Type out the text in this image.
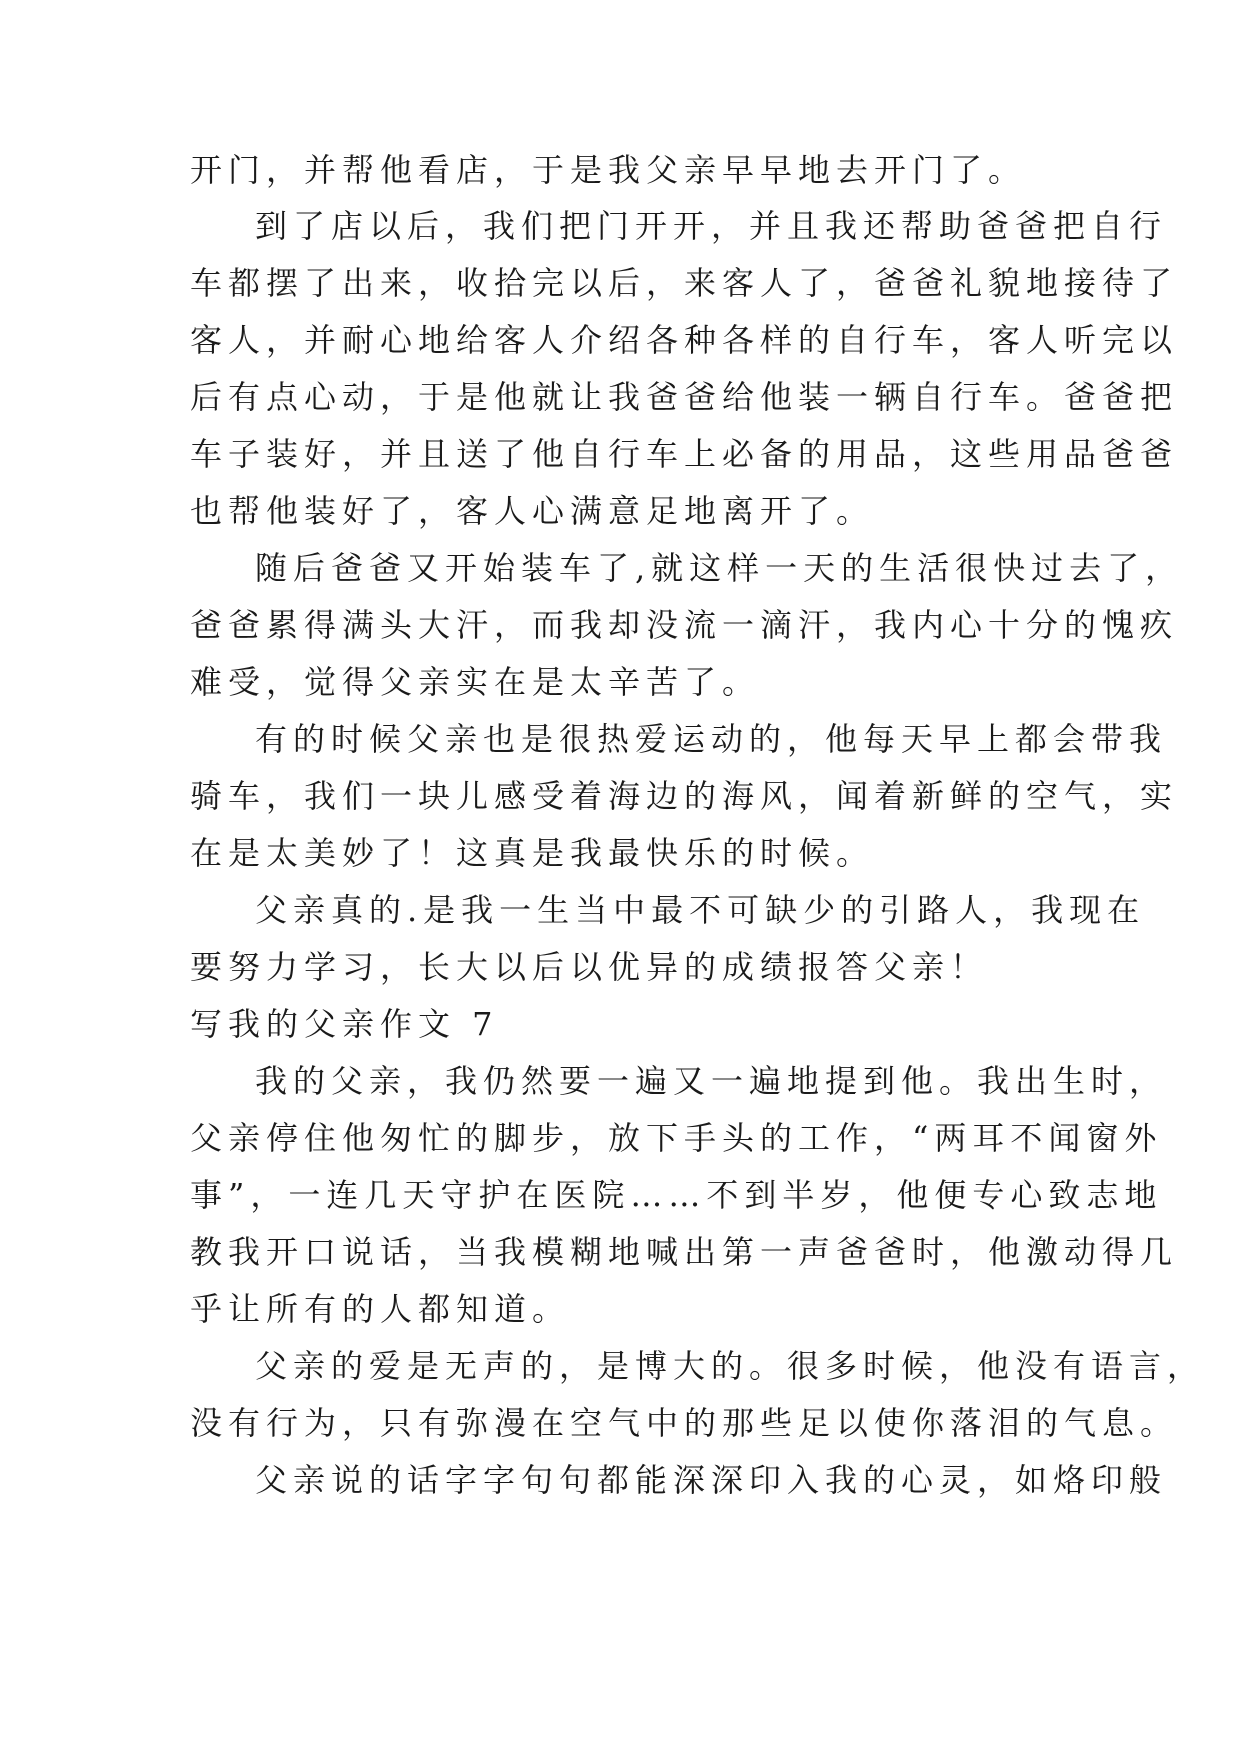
开门，并帮他看店，于是我父亲早早地去开门了。
到了店以后，我们把门开开，并且我还帮助爸爸把自行
车都摆了出来，收拾完以后，来客人了，爸爸礼貌地接待了
客人，并耐心地给客人介绍各种各样的自行车，客人听完以
后有点心动，于是他就让我爸爸给他装一辆自行车。爸爸把
车子装好，并且送了他自行车上必备的用品，这些用品爸爸
也帮他装好了，客人心满意足地离开了。
随后爸爸又开始装车了,就这样一天的生活很快过去了，
爸爸累得满头大汗，而我却没流一滴汗，我内心十分的愧疚
难受，觉得父亲实在是太辛苦了。
有的时候父亲也是很热爱运动的，他每天早上都会带我
骑车，我们一块儿感受着海边的海风，闻着新鲜的空气，实
在是太美妙了！这真是我最快乐的时候。
父亲真的.是我一生当中最不可缺少的引路人，我现在
要努力学习，长大以后以优异的成绩报答父亲！
写我的父亲作文 7
我的父亲，我仍然要一遍又一遍地提到他。我出生时，
父亲停住他匆忙的脚步，放下手头的工作，“两耳不闻窗外
事”，一连几天守护在医院……不到半岁，他便专心致志地
教我开口说话，当我模糊地喊出第一声爸爸时，他激动得几
乎让所有的人都知道。
父亲的爱是无声的，是博大的。很多时候，他没有语言，
没有行为，只有弥漫在空气中的那些足以使你落泪的气息。
父亲说的话字字句句都能深深印入我的心灵，如烙印般
